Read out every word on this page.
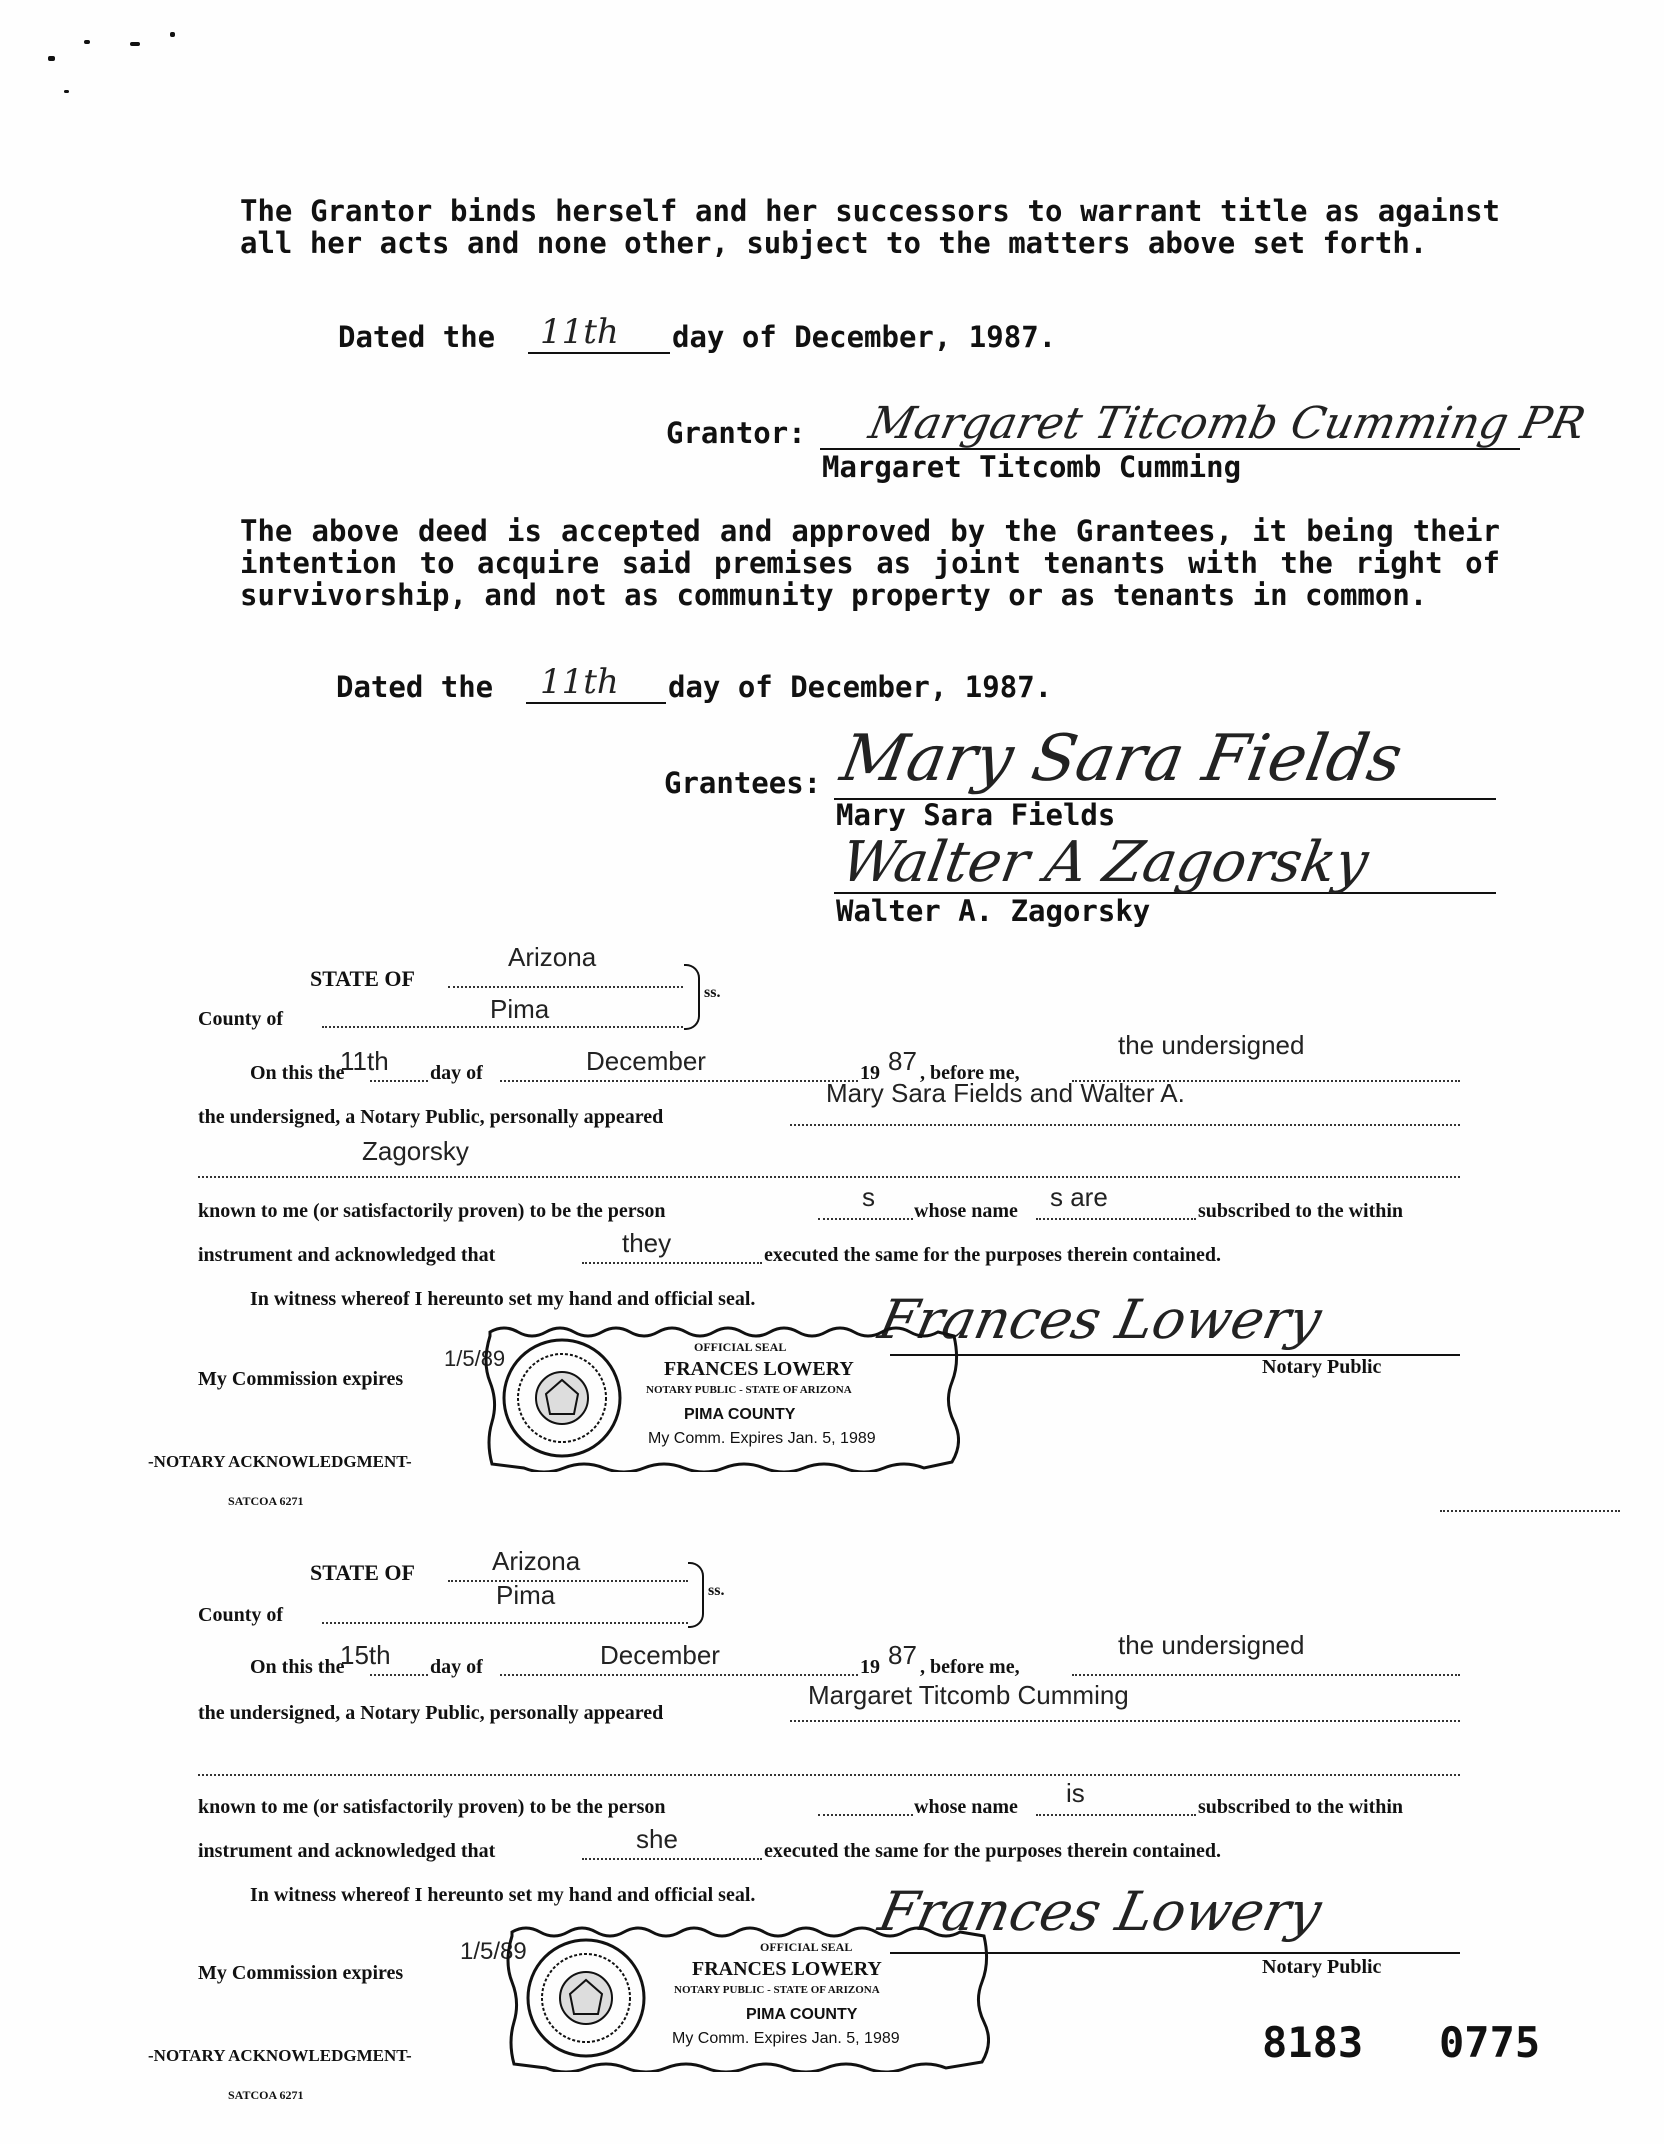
The Grantor binds herself and her successors to warrant title as against all her acts and none other, subject to the matters above set forth.
Dated the 11th day of December, 1987.
Grantor: Margaret Titcomb Cumming PR
Margaret Titcomb Cumming
The above deed is accepted and approved by the Grantees, it being their intention to acquire said premises as joint tenants with the right of survivorship, and not as community property or as tenants in common.
Dated the 11th day of December, 1987.
Grantees: Mary Sara Fields
Mary Sara Fields
Walter A Zagorsky
Walter A. Zagorsky
STATE OF
Arizona
County of	Pima
ss.
On this the
11th day of	December	19 87 , before me,
the undersigned
the undersigned, a Notary Public, personally appeared
Mary Sara Fields and Walter A.
Zagorsky
known to me (or satisfactorily proven) to be the person	s whose name s are	subscribed to the within
instrument and acknowledged that	they	executed the same for the purposes therein contained.
In witness whereof I hereunto set my hand and official seal. Frances Lowery
Notary Public
My Commission expires
1/5/89	OFFICIAL SEAL
FRANCES LOWERY
NOTARY PUBLIC - STATE OF ARIZONA
PIMA COUNTY
My Comm. Expires Jan. 5, 1989
-NOTARY ACKNOWLEDGMENT-
SATCOA 6271
STATE OF	Arizona
County of
Pima	ss.
On this the
15th day of	December	19 87 , before me,
the undersigned
the undersigned, a Notary Public, personally appeared
Margaret Titcomb Cumming
known to me (or satisfactorily proven) to be the person	whose name is	subscribed to the within
instrument and acknowledged that	she	executed the same for the purposes therein contained.
In witness whereof I hereunto set my hand and official seal. Frances Lowery
Notary Public
My Commission expires
1/5/89	OFFICIAL SEAL
FRANCES LOWERY
NOTARY PUBLIC - STATE OF ARIZONA
PIMA COUNTY
My Comm. Expires Jan. 5, 1989
-NOTARY ACKNOWLEDGMENT-
SATCOA 6271
8183   0775
